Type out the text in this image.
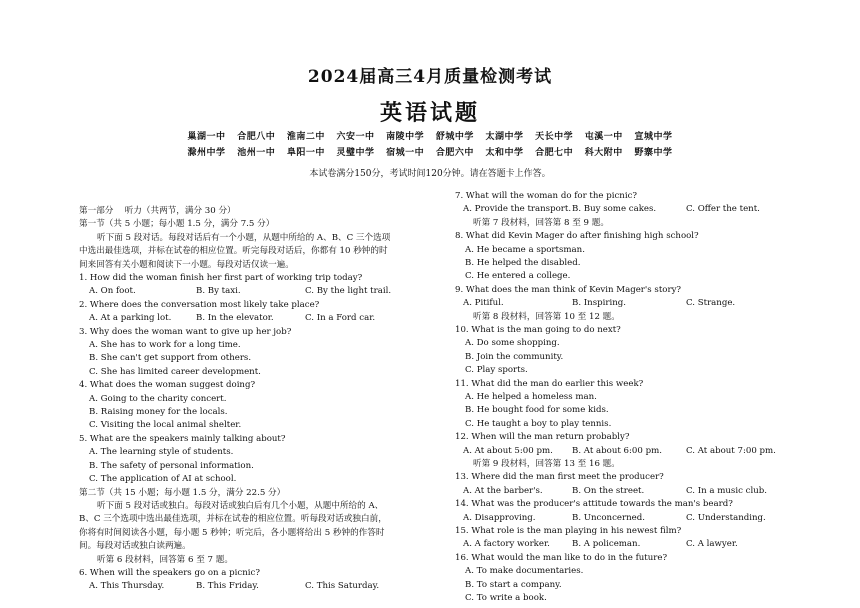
2024届高三4月质量检测考试
英语试题
巢湖一中 合肥八中 淮南二中 六安一中 南陵中学 舒城中学 太湖中学 天长中学 屯溪一中 宣城中学
滁州中学 池州一中 阜阳一中 灵璧中学 宿城一中 合肥六中 太和中学 合肥七中 科大附中 野寨中学
本试卷满分150分，考试时间120分钟。请在答题卡上作答。
第一部分　 听力（共两节，满分 30 分）
第一节（共 5 小题；每小题 1.5 分，满分 7.5 分）
听下面 5 段对话。每段对话后有一个小题，从题中所给的 A、B、C 三个选项
中选出最佳选项，并标在试卷的相应位置。听完每段对话后，你都有 10 秒钟的时
间来回答有关小题和阅读下一小题。每段对话仅读一遍。
1. How did the woman finish her first part of working trip today?
A. On foot.	B. By taxi.	C. By the light trail.
2. Where does the conversation most likely take place?
A. At a parking lot.	B. In the elevator.	C. In a Ford car.
3. Why does the woman want to give up her job?
A. She has to work for a long time.
B. She can't get support from others.
C. She has limited career development.
4. What does the woman suggest doing?
A. Going to the charity concert.
B. Raising money for the locals.
C. Visiting the local animal shelter.
5. What are the speakers mainly talking about?
A. The learning style of students.
B. The safety of personal information.
C. The application of AI at school.
第二节（共 15 小题；每小题 1.5 分，满分 22.5 分）
听下面 5 段对话或独白。每段对话或独白后有几个小题，从题中所给的 A、
B、C 三个选项中选出最佳选项，并标在试卷的相应位置。听每段对话或独白前，
你将有时间阅读各小题，每小题 5 秒钟；听完后，各小题将给出 5 秒钟的作答时
间。每段对话或独白读两遍。
听第 6 段材料，回答第 6 至 7 题。
6. When will the speakers go on a picnic?
A. This Thursday.	B. This Friday.	C. This Saturday.
7. What will the woman do for the picnic?
A. Provide the transport. B. Buy some cakes.	C. Offer the tent.
听第 7 段材料，回答第 8 至 9 题。
8. What did Kevin Mager do after finishing high school?
A. He became a sportsman.
B. He helped the disabled.
C. He entered a college.
9. What does the man think of Kevin Mager's story?
A. Pitiful.	B. Inspiring.	C. Strange.
听第 8 段材料，回答第 10 至 12 题。
10. What is the man going to do next?
A. Do some shopping.
B. Join the community.
C. Play sports.
11. What did the man do earlier this week?
A. He helped a homeless man.
B. He bought food for some kids.
C. He taught a boy to play tennis.
12. When will the man return probably?
A. At about 5:00 pm. B. At about 6:00 pm.	C. At about 7:00 pm.
听第 9 段材料，回答第 13 至 16 题。
13. Where did the man first meet the producer?
A. At the barber's.	B. On the street.	C. In a music club.
14. What was the producer's attitude towards the man's beard?
A. Disapproving.	B. Unconcerned.	C. Understanding.
15. What role is the man playing in his newest film?
A. A factory worker.	B. A policeman.	C. A lawyer.
16. What would the man like to do in the future?
A. To make documentaries.
B. To start a company.
C. To write a book.
